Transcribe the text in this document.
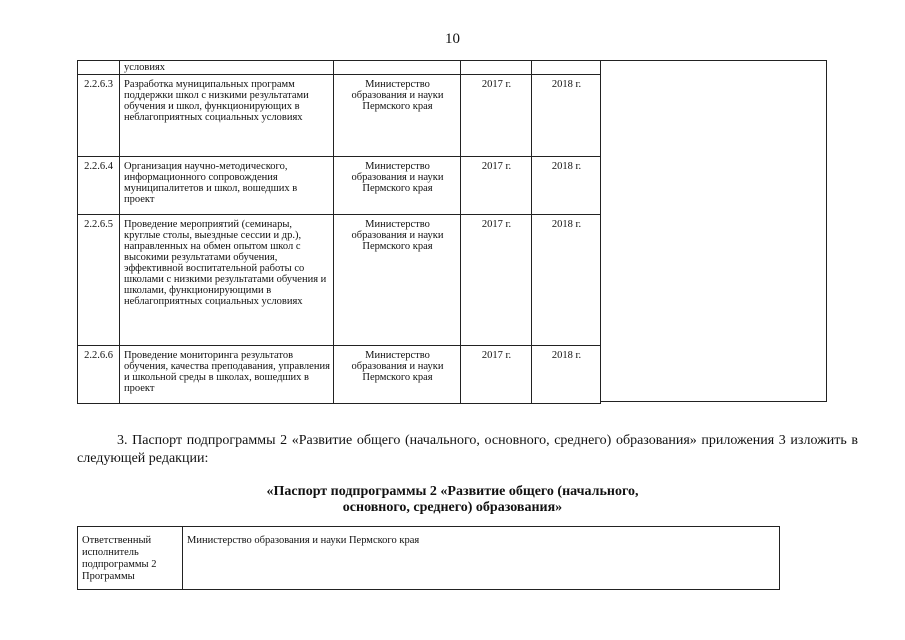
10
	условиях			
2.2.6.3	Разработка муниципальных программ поддержки школ с низкими результатами обучения и школ, функционирующих в неблагоприятных социальных условиях	Министерство образования и науки Пермского края	2017 г.	2018 г.
2.2.6.4	Организация научно-методического, информационного сопровождения муниципалитетов и школ, вошедших в проект	Министерство образования и науки Пермского края	2017 г.	2018 г.
2.2.6.5	Проведение мероприятий (семинары, круглые столы, выездные сессии и др.), направленных на обмен опытом школ с высокими результатами обучения, эффективной воспитательной работы со школами с низкими результатами обучения и школами, функционирующими в неблагоприятных социальных условиях	Министерство образования и науки Пермского края	2017 г.	2018 г.
2.2.6.6	Проведение мониторинга результатов обучения, качества преподавания, управления и школьной среды в школах, вошедших в проект	Министерство образования и науки Пермского края	2017 г.	2018 г.
3. Паспорт подпрограммы 2 «Развитие общего (начального, основного, среднего) образования» приложения 3 изложить в следующей редакции:
«Паспорт подпрограммы 2 «Развитие общего (начального,
основного, среднего) образования»
Ответственный исполнитель подпрограммы 2 Программы	Министерство образования и науки Пермского края
